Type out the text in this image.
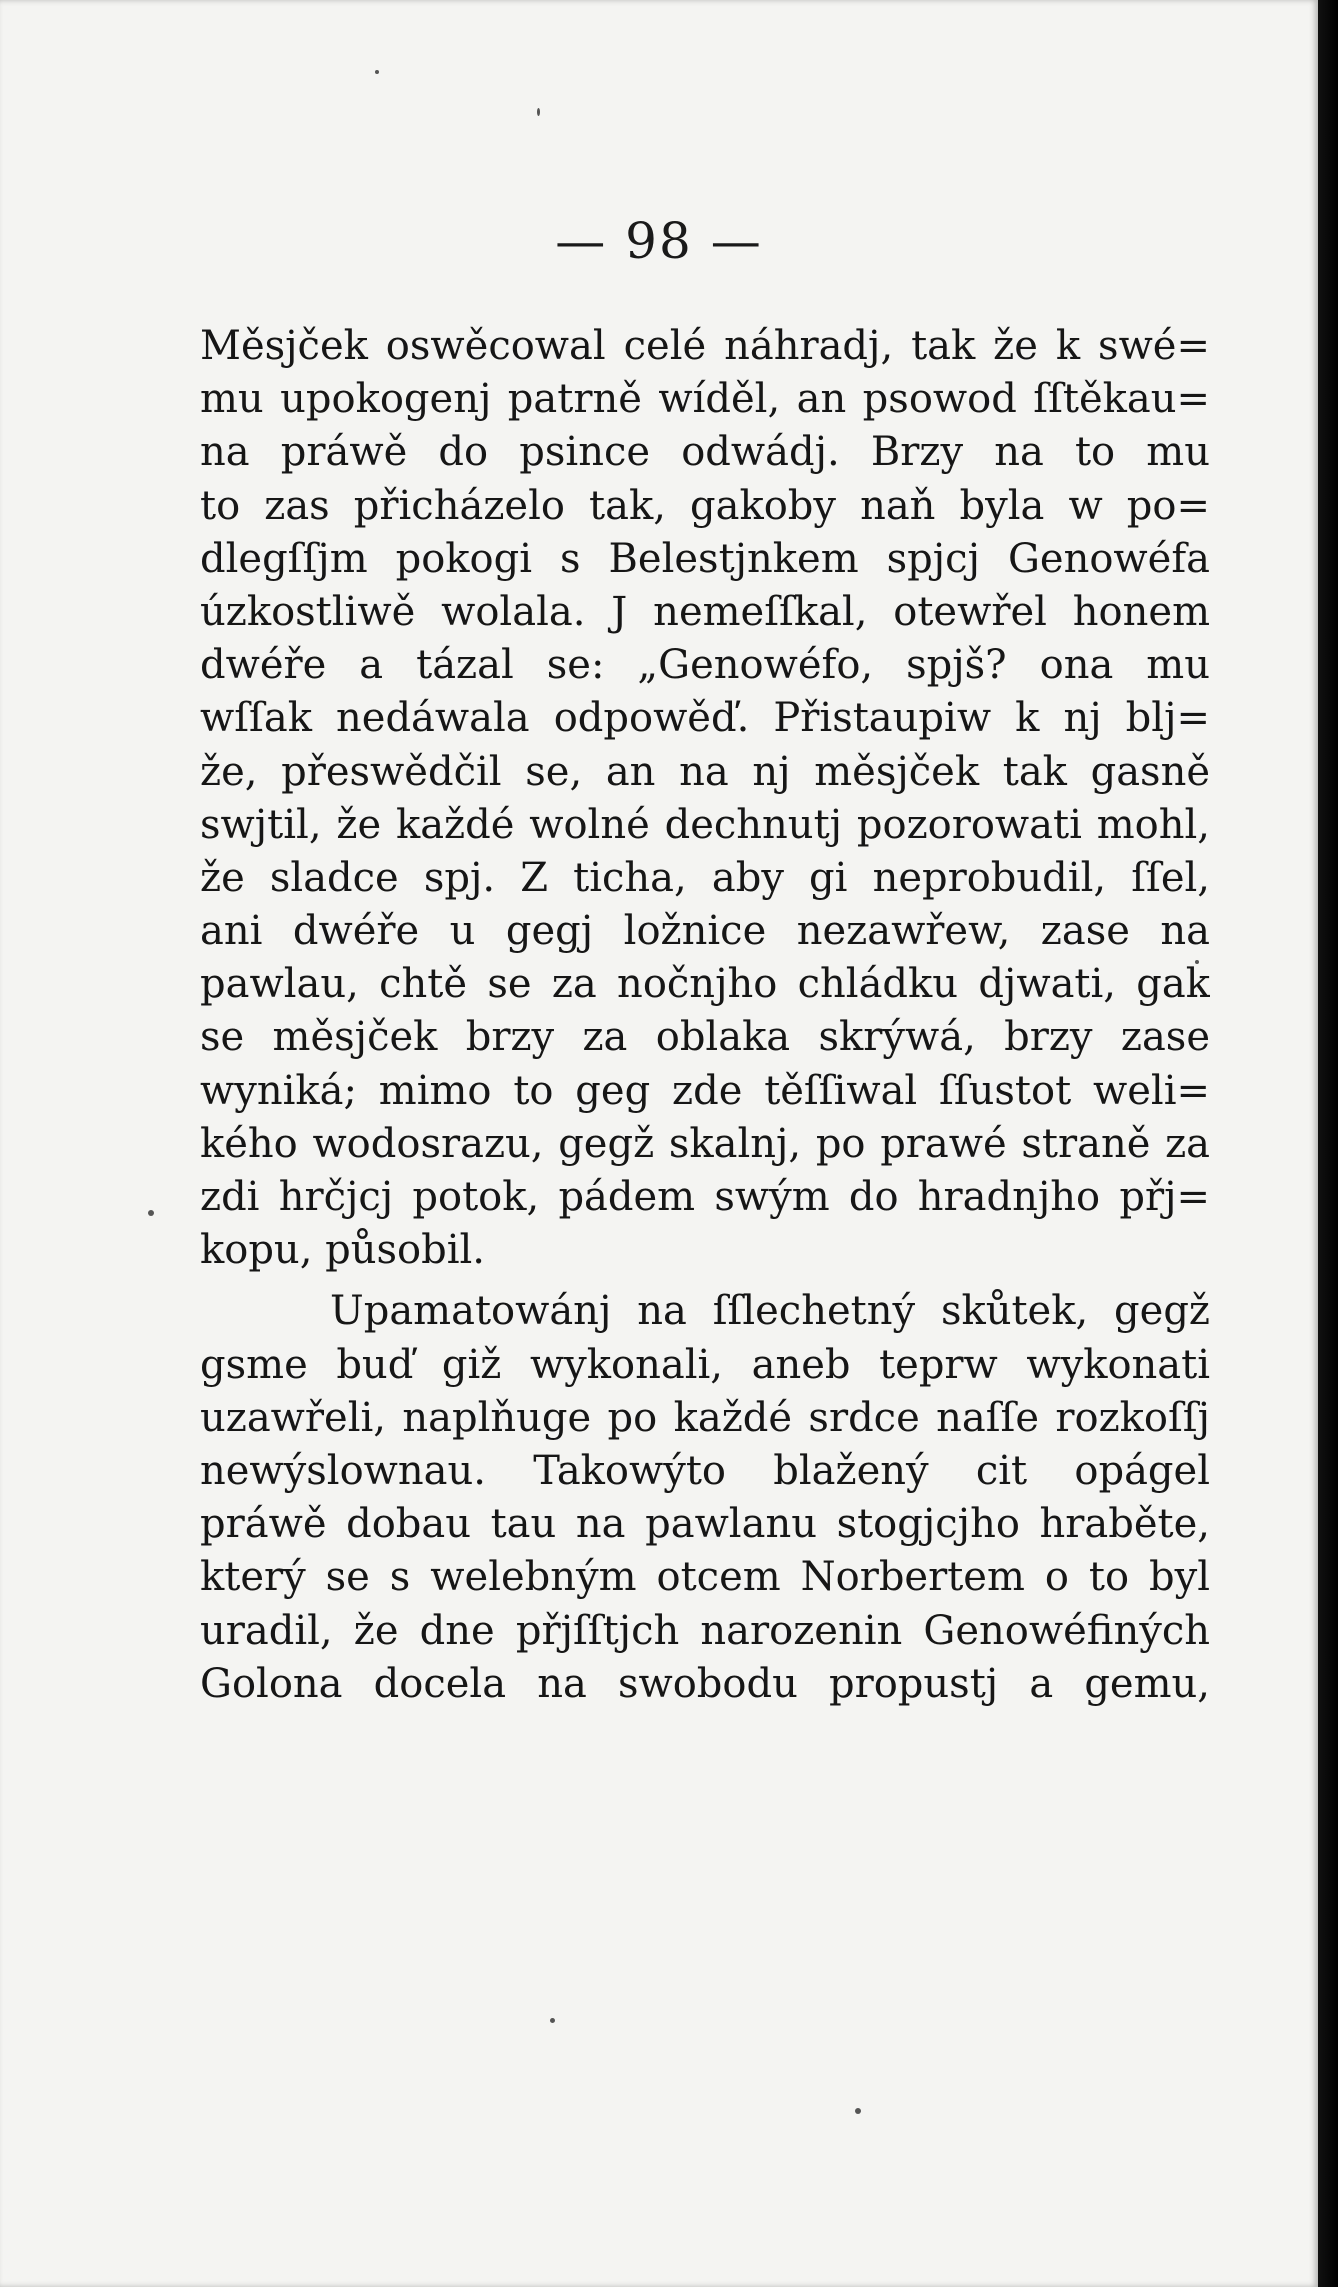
— 98 —
Měsjček oswěcowal celé náhradj, tak že k swé=
mu upokogenj patrně wíděl, an psowod ſſtěkau=
na práwě do psince odwádj. Brzy na to mu
to zas přicházelo tak, gakoby naň byla w po=
dlegſſjm pokogi s Belestjnkem spjcj Genowéfa
úzkostliwě wolala. J nemeſſkal, otewřel honem
dwéře a tázal se: „Genowéfo, spjš? ona mu
wſſak nedáwala odpowěď. Přistaupiw k nj blj=
že, přeswědčil se, an na nj měsjček tak gasně
swjtil, že každé wolné dechnutj pozorowati mohl,
že sladce spj. Z ticha, aby gi neprobudil, ſſel,
ani dwéře u gegj ložnice nezawřew, zase na
pawlau, chtě se za nočnjho chládku djwati, gak
se měsjček brzy za oblaka skrýwá, brzy zase
wyniká; mimo to geg zde těſſiwal ſſustot weli=
kého wodosrazu, gegž skalnj, po prawé straně za
zdi hrčjcj potok, pádem swým do hradnjho přj=
kopu, působil.
Upamatowánj na ſſlechetný skůtek, gegž
gsme buď giž wykonali, aneb teprw wykonati
uzawřeli, naplňuge po každé srdce naſſe rozkoſſj
newýslownau. Takowýto blažený cit opágel
práwě dobau tau na pawlanu stogjcjho hraběte,
který se s welebným otcem Norbertem o to byl
uradil, že dne přjſſtjch narozenin Genowéfiných
Golona docela na swobodu propustj a gemu,
